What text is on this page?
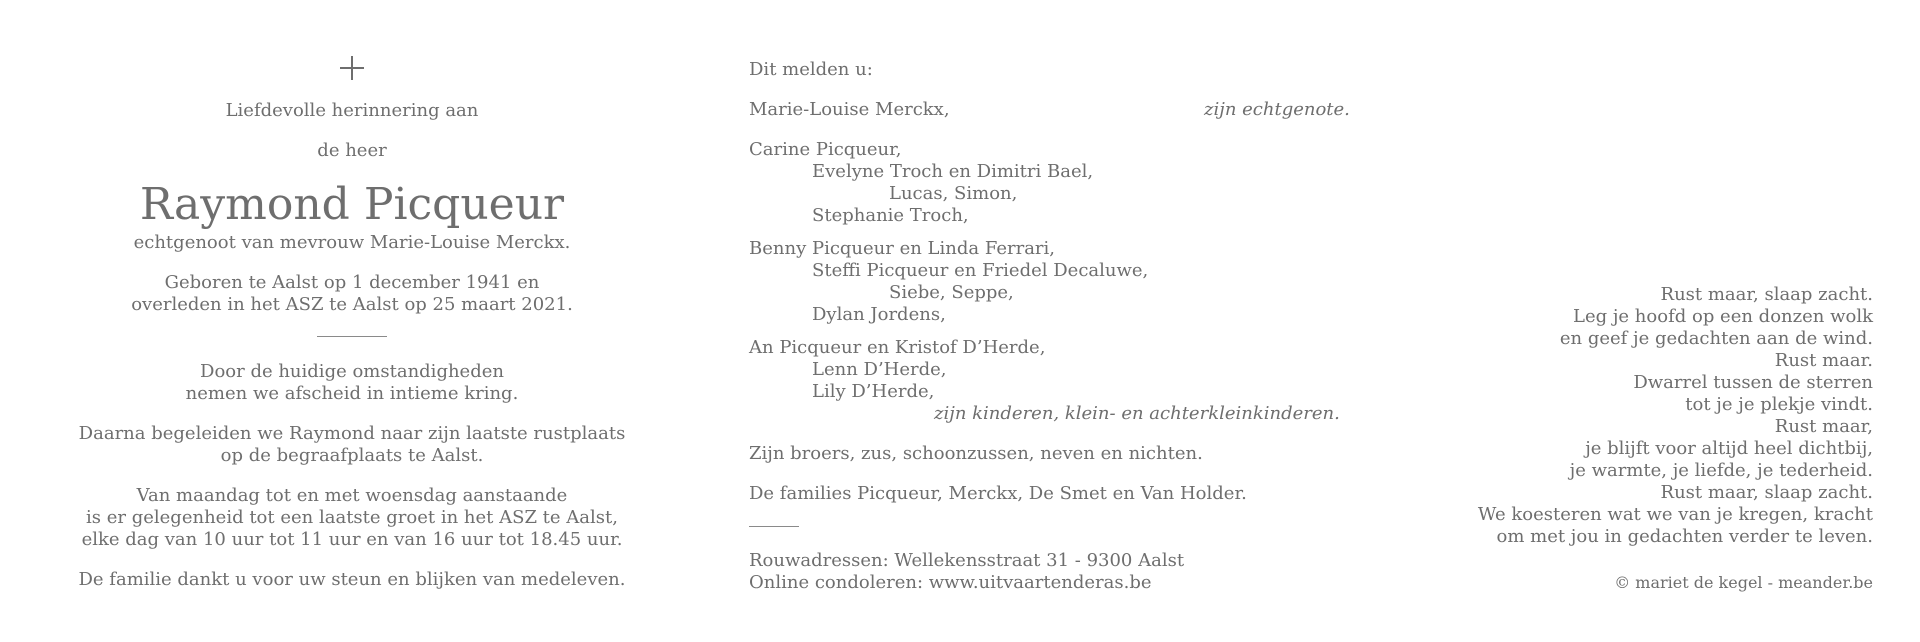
Liefdevolle herinnering aan
de heer
Raymond Picqueur
echtgenoot van mevrouw Marie-Louise Merckx.
Geboren te Aalst op 1 december 1941 en
overleden in het ASZ te Aalst op 25 maart 2021.
Door de huidige omstandigheden
nemen we afscheid in intieme kring.
Daarna begeleiden we Raymond naar zijn laatste rustplaats
op de begraafplaats te Aalst.
Van maandag tot en met woensdag aanstaande
is er gelegenheid tot een laatste groet in het ASZ te Aalst,
elke dag van 10 uur tot 11 uur en van 16 uur tot 18.45 uur.
De familie dankt u voor uw steun en blijken van medeleven.
Dit melden u:
Marie-Louise Merckx,	zijn echtgenote.
Carine Picqueur,
Evelyne Troch en Dimitri Bael,
Lucas, Simon,
Stephanie Troch,
Benny Picqueur en Linda Ferrari,
Steffi Picqueur en Friedel Decaluwe,
Siebe, Seppe,
Dylan Jordens,
An Picqueur en Kristof D’Herde,
Lenn D’Herde,
Lily D’Herde,
zijn kinderen, klein- en achterkleinkinderen.
Zijn broers, zus, schoonzussen, neven en nichten.
De families Picqueur, Merckx, De Smet en Van Holder.
Rouwadressen: Wellekensstraat 31 - 9300 Aalst
Online condoleren: www.uitvaartenderas.be
Rust maar, slaap zacht.
Leg je hoofd op een donzen wolk
en geef je gedachten aan de wind.
Rust maar.
Dwarrel tussen de sterren
tot je je plekje vindt.
Rust maar,
je blijft voor altijd heel dichtbij,
je warmte, je liefde, je tederheid.
Rust maar, slaap zacht.
We koesteren wat we van je kregen, kracht
om met jou in gedachten verder te leven.
© mariet de kegel - meander.be
